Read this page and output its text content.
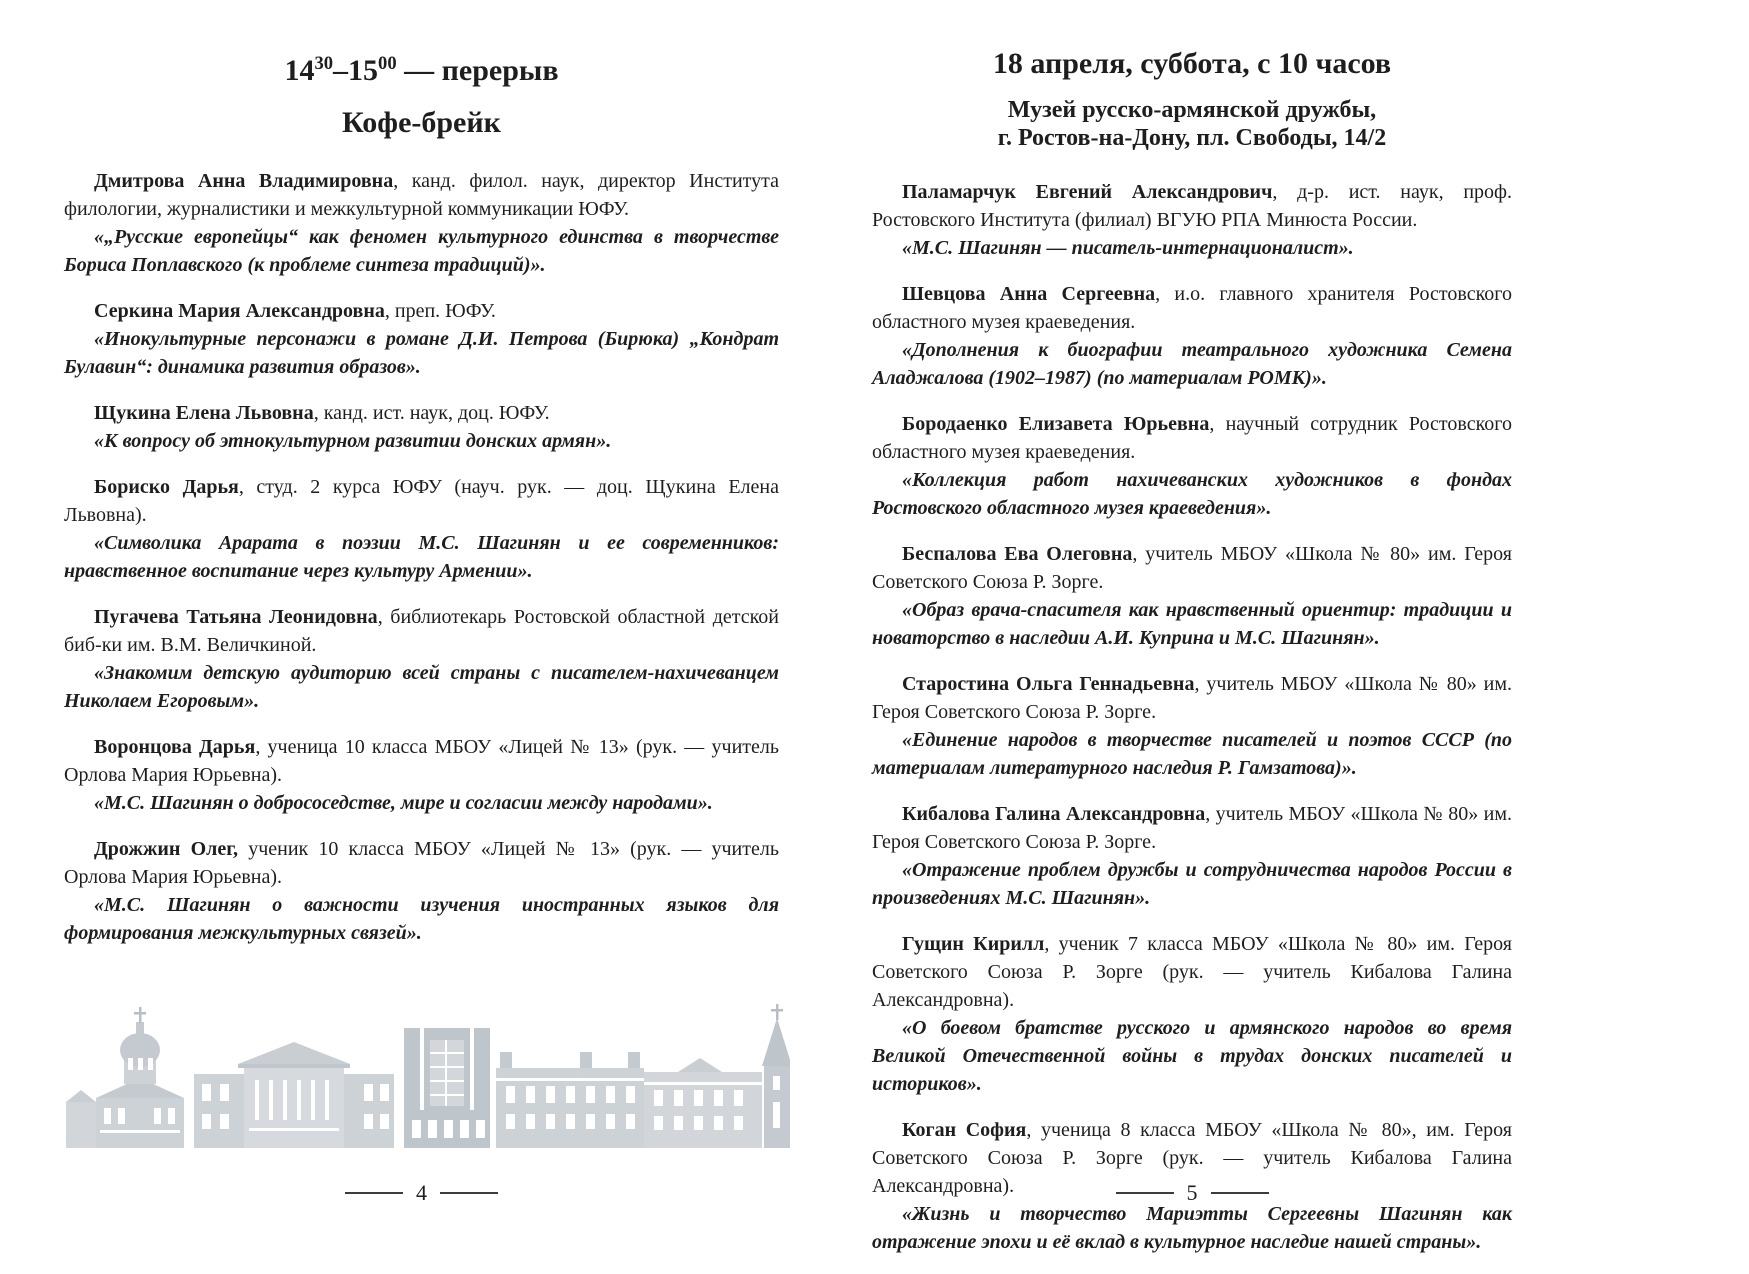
$14^{30}-15^{00}$ — перерыв
Кофе-брейк

Дмитрова Анна Владимировна, канд. филол. наук, директор Института филологии, журналистики и межкультурной коммуникации ЮФУ.

«„Русские европейцы“ как феномен культурного единства в творчестве Бориса Поплавского (к проблеме синтеза традиций)».

Серкина Мария Александровна, преп. ЮФУ.

«Инокультурные персонажи в романе Д.И. Петрова (Бирюка) „Кондрат Булавин“: динамика развития образов».

Щукина Елена Львовна, канд. ист. наук, доц. ЮФУ.

«К вопросу об этнокультурном развитии донских армян».

Бориско Дарья, студ. 2 курса ЮФУ (науч. рук. — доц. Щукина Елена Львовна).

«Символика Арарата в поэзии М.С. Шагинян и ее современников: нравственное воспитание через культуру Армении».

Пугачева Татьяна Леонидовна, библиотекарь Ростовской областной детской биб-ки им. В.М. Величкиной.

«Знакомим детскую аудиторию всей страны с писателем-нахичеванцем Николаем Егоровым».

Воронцова Дарья, ученица 10 класса МБОУ «Лицей № 13» (рук. — учитель Орлова Мария Юрьевна).

«М.С. Шагинян о добрососедстве, мире и согласии между народами».

Дрожжин Олег, ученик 10 класса МБОУ «Лицей № 13» (рук. — учитель Орлова Мария Юрьевна).

«М.С. Шагинян о важности изучения иностранных языков для формирования межкультурных связей».

18 апреля, суббота, с 10 часов
Музей русско-армянской дружбы,
г. Ростов-на-Дону, пл. Свободы, 14/2

Паламарчук Евгений Александрович, д-р. ист. наук, проф. Ростовского Института (филиал) ВГУЮ РПА Минюста России.

«М.С. Шагинян — писатель-интернационалист».

Шевцова Анна Сергеевна, и.о. главного хранителя Ростовского областного музея краеведения.

«Дополнения к биографии театрального художника Семена Аладжалова (1902–1987) (по материалам РОМК)».

Бородаенко Елизавета Юрьевна, научный сотрудник Ростовского областного музея краеведения.

«Коллекция работ нахичеванских художников в фондах Ростовского областного музея краеведения».

Беспалова Ева Олеговна, учитель МБОУ «Школа № 80» им. Героя Советского Союза Р. Зорге.

«Образ врача-спасителя как нравственный ориентир: традиции и новаторство в наследии А.И. Куприна и М.С. Шагинян».

Старостина Ольга Геннадьевна, учитель МБОУ «Школа № 80» им. Героя Советского Союза Р. Зорге.

«Единение народов в творчестве писателей и поэтов СССР (по материалам литературного наследия Р. Гамзатова)».

Кибалова Галина Александровна, учитель МБОУ «Школа № 80» им. Героя Советского Союза Р. Зорге.

«Отражение проблем дружбы и сотрудничества народов России в произведениях М.С. Шагинян».

Гущин Кирилл, ученик 7 класса МБОУ «Школа № 80» им. Героя Советского Союза Р. Зорге (рук. — учитель Кибалова Галина Александровна).

«О боевом братстве русского и армянского народов во время Великой Отечественной войны в трудах донских писателей и историков».

Коган София, ученица 8 класса МБОУ «Школа № 80», им. Героя Советского Союза Р. Зорге (рук. — учитель Кибалова Галина Александровна).

«Жизнь и творчество Мариэтты Сергеевны Шагинян как отражение эпохи и её вклад в культурное наследие нашей страны».

4	5
